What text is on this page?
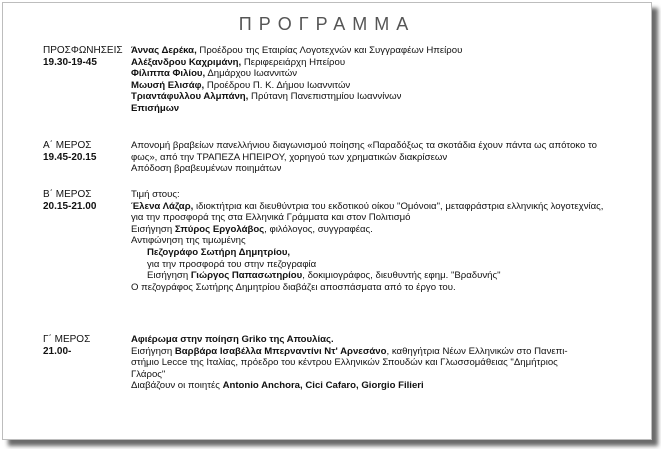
ΠΡΟΓΡΑΜΜΑ
ΠΡΟΣΦΩΝΗΣΕΙΣ
19.30-19-45
Άννας Δερέκα, Προέδρου της Εταιρίας Λογοτεχνών και Συγγραφέων Ηπείρου
Αλέξανδρου Καχριμάνη, Περιφερειάρχη Ηπείρου
Φίλιππα Φιλίου, Δημάρχου Ιωαννιτών
Μωυσή Ελισάφ, Προέδρου Π. Κ. Δήμου Ιωαννιτών
Τριαντάφυλλου Αλμπάνη, Πρύτανη Πανεπιστημίου Ιωαννίνων
Επισήμων
Α΄ ΜΕΡΟΣ
19.45-20.15
Απονομή βραβείων πανελλήνιου διαγωνισμού ποίησης «Παραδόξως τα σκοτάδια έχουν πάντα ως απότοκο το
φως», από την ΤΡΑΠΕΖΑ ΗΠΕΙΡΟΥ, χορηγού των χρηματικών διακρίσεων
Απόδοση βραβευμένων ποιημάτων
Β΄ ΜΕΡΟΣ
20.15-21.00
Τιμή στους:
Έλενα Λάζαρ, ιδιοκτήτρια και διευθύντρια του εκδοτικού οίκου "Ομόνοια", μεταφράστρια ελληνικής λογοτεχνίας,
για την προσφορά της στα Ελληνικά Γράμματα και στον Πολιτισμό
Εισήγηση Σπύρος Εργολάβος, φιλόλογος, συγγραφέας.
Αντιφώνηση της τιμωμένης
Πεζογράφο Σωτήρη Δημητρίου,
για την προσφορά του στην πεζογραφία
Εισήγηση Γιώργος Παπασωτηρίου, δοκιμιογράφος, διευθυντής εφημ. "Βραδυνής"
Ο πεζογράφος Σωτήρης Δημητρίου διαβάζει αποσπάσματα από το έργο του.
Γ΄ ΜΕΡΟΣ
21.00-
Αφιέρωμα στην ποίηση Griko της Απουλίας.
Εισήγηση Βαρβάρα Ισαβέλλα Μπερναντίνι Ντ' Αρνεσάνο, καθηγήτρια Νέων Ελληνικών στο Πανεπι-
στήμιο Lecce της Ιταλίας, πρόεδρο του κέντρου Ελληνικών Σπουδών και Γλωσσομάθειας "Δημήτριος
Γλάρος"
Διαβάζουν οι ποιητές Antonio Anchora, Cici Cafaro, Giorgio Filieri
